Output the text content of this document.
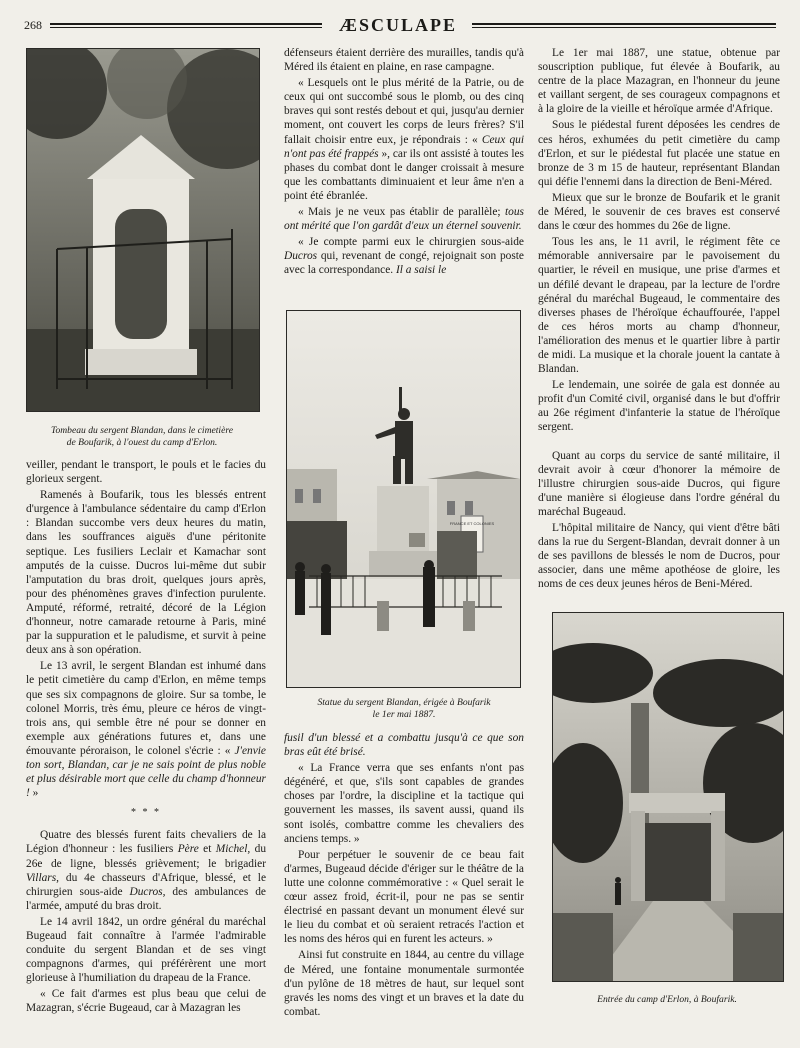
268	ÆSCULAPE
Tombeau du sergent Blandan, dans le cimetière
de Boufarik, à l'ouest du camp d'Erlon.

veiller, pendant le transport, le pouls et le facies du glorieux sergent.

Ramenés à Boufarik, tous les blessés entrent d'urgence à l'ambulance sédentaire du camp d'Erlon : Blandan succombe vers deux heures du matin, dans les souffrances aiguës d'une péritonite septique. Les fusiliers Leclair et Kamachar sont amputés de la cuisse. Ducros lui-même dut subir l'amputation du bras droit, quelques jours après, pour des phénomènes graves d'infection purulente. Amputé, réformé, retraité, décoré de la Légion d'honneur, notre camarade retourne à Paris, miné par la suppuration et le paludisme, et survit à peine deux ans à son opération.

Le 13 avril, le sergent Blandan est inhumé dans le petit cimetière du camp d'Erlon, en même temps que ses six compagnons de gloire. Sur sa tombe, le colonel Morris, très ému, pleure ce héros de vingt-trois ans, qui semble être né pour se donner en exemple aux générations futures et, dans une émouvante péroraison, le colonel s'écrie : « J'envie ton sort, Blandan, car je ne sais point de plus noble et plus désirable mort que celle du champ d'honneur ! »

* * *

Quatre des blessés furent faits chevaliers de la Légion d'honneur : les fusiliers Père et Michel, du 26e de ligne, blessés grièvement; le brigadier Villars, du 4e chasseurs d'Afrique, blessé, et le chirurgien sous-aide Ducros, des ambulances de l'armée, amputé du bras droit.

Le 14 avril 1842, un ordre général du maréchal Bugeaud fait connaître à l'armée l'admirable conduite du sergent Blandan et de ses vingt compagnons d'armes, qui préférèrent une mort glorieuse à l'humiliation du drapeau de la France.

« Ce fait d'armes est plus beau que celui de Mazagran, s'écrie Bugeaud, car à Mazagran les

défenseurs étaient derrière des murailles, tandis qu'à Méred ils étaient en plaine, en rase campagne.

« Lesquels ont le plus mérité de la Patrie, ou de ceux qui ont succombé sous le plomb, ou des cinq braves qui sont restés debout et qui, jusqu'au dernier moment, ont couvert les corps de leurs frères? S'il fallait choisir entre eux, je répondrais : « Ceux qui n'ont pas été frappés », car ils ont assisté à toutes les phases du combat dont le danger croissait à mesure que les combattants diminuaient et leur âme n'en a point été ébranlée.

« Mais je ne veux pas établir de parallèle; tous ont mérité que l'on gardât d'eux un éternel souvenir.

« Je compte parmi eux le chirurgien sous-aide Ducros qui, revenant de congé, rejoignait son poste avec la correspondance. Il a saisi le

FRANCE ET COLONIES
Statue du sergent Blandan, érigée à Boufarik
le 1er mai 1887.

fusil d'un blessé et a combattu jusqu'à ce que son bras eût été brisé.

« La France verra que ses enfants n'ont pas dégénéré, et que, s'ils sont capables de grandes choses par l'ordre, la discipline et la tactique qui gouvernent les masses, ils savent aussi, quand ils sont isolés, combattre comme les chevaliers des anciens temps. »

Pour perpétuer le souvenir de ce beau fait d'armes, Bugeaud décide d'ériger sur le théâtre de la lutte une colonne commémorative : « Quel serait le cœur assez froid, écrit-il, pour ne pas se sentir électrisé en passant devant un monument élevé sur le lieu du combat et où seraient retracés l'action et les noms des héros qui en furent les acteurs. »

Ainsi fut construite en 1844, au centre du village de Méred, une fontaine monumentale surmontée d'un pylône de 18 mètres de haut, sur lequel sont gravés les noms des vingt et un braves et la date du combat.

Le 1er mai 1887, une statue, obtenue par souscription publique, fut élevée à Boufarik, au centre de la place Mazagran, en l'honneur du jeune et vaillant sergent, de ses courageux compagnons et à la gloire de la vieille et héroïque armée d'Afrique.

Sous le piédestal furent déposées les cendres de ces héros, exhumées du petit cimetière du camp d'Erlon, et sur le piédestal fut placée une statue en bronze de 3 m 15 de hauteur, représentant Blandan qui défie l'ennemi dans la direction de Beni-Méred.

Mieux que sur le bronze de Boufarik et le granit de Méred, le souvenir de ces braves est conservé dans le cœur des hommes du 26e de ligne.

Tous les ans, le 11 avril, le régiment fête ce mémorable anniversaire par le pavoisement du quartier, le réveil en musique, une prise d'armes et un défilé devant le drapeau, par la lecture de l'ordre général du maréchal Bugeaud, le commentaire des diverses phases de l'héroïque échauffourée, l'appel de ces héros morts au champ d'honneur, l'amélioration des menus et le quartier libre à partir de midi. La musique et la chorale jouent la cantate à Blandan.

Le lendemain, une soirée de gala est donnée au profit d'un Comité civil, organisé dans le but d'offrir au 26e régiment d'infanterie la statue de l'héroïque sergent.

Quant au corps du service de santé militaire, il devrait avoir à cœur d'honorer la mémoire de l'illustre chirurgien sous-aide Ducros, qui figure d'une manière si élogieuse dans l'ordre général du maréchal Bugeaud.

L'hôpital militaire de Nancy, qui vient d'être bâti dans la rue du Sergent-Blandan, devrait donner à un de ses pavillons de blessés le nom de Ducros, pour associer, dans une même apothéose de gloire, les noms de ces deux jeunes héros de Beni-Méred.

Entrée du camp d'Erlon, à Boufarik.
